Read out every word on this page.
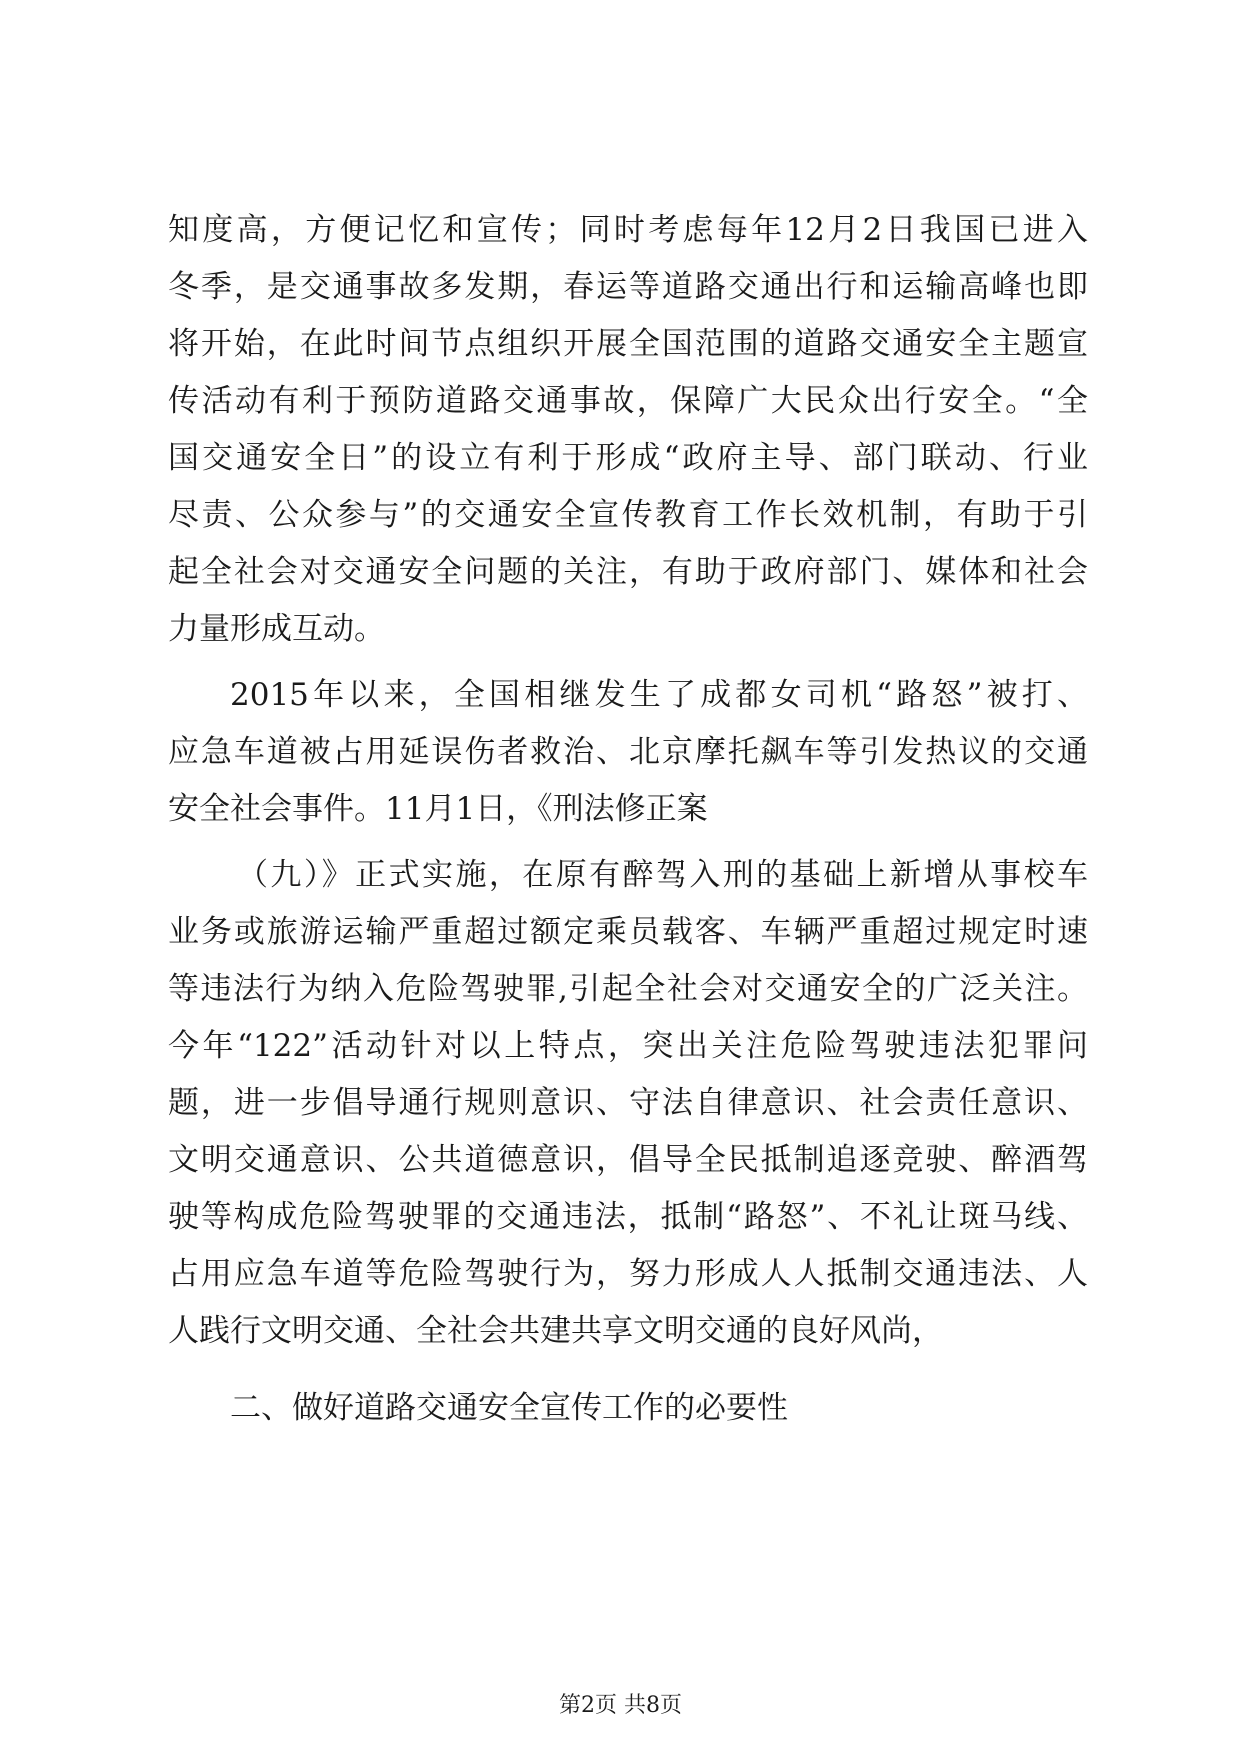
知度高，方便记忆和宣传；同时考虑每年12月2日我国已进入
冬季，是交通事故多发期，春运等道路交通出行和运输高峰也即
将开始，在此时间节点组织开展全国范围的道路交通安全主题宣
传活动有利于预防道路交通事故，保障广大民众出行安全。“全
国交通安全日”的设立有利于形成“政府主导、部门联动、行业
尽责、公众参与”的交通安全宣传教育工作长效机制，有助于引
起全社会对交通安全问题的关注，有助于政府部门、媒体和社会
力量形成互动。
2015年以来，全国相继发生了成都女司机“路怒”被打、
应急车道被占用延误伤者救治、北京摩托飙车等引发热议的交通
安全社会事件。11月1日，《刑法修正案
（九）》正式实施，在原有醉驾入刑的基础上新增从事校车
业务或旅游运输严重超过额定乘员载客、车辆严重超过规定时速
等违法行为纳入危险驾驶罪,引起全社会对交通安全的广泛关注。
今年“122”活动针对以上特点，突出关注危险驾驶违法犯罪问
题，进一步倡导通行规则意识、守法自律意识、社会责任意识、
文明交通意识、公共道德意识，倡导全民抵制追逐竞驶、醉酒驾
驶等构成危险驾驶罪的交通违法，抵制“路怒”、不礼让斑马线、
占用应急车道等危险驾驶行为，努力形成人人抵制交通违法、人
人践行文明交通、全社会共建共享文明交通的良好风尚，
二、做好道路交通安全宣传工作的必要性
第2页 共8页
